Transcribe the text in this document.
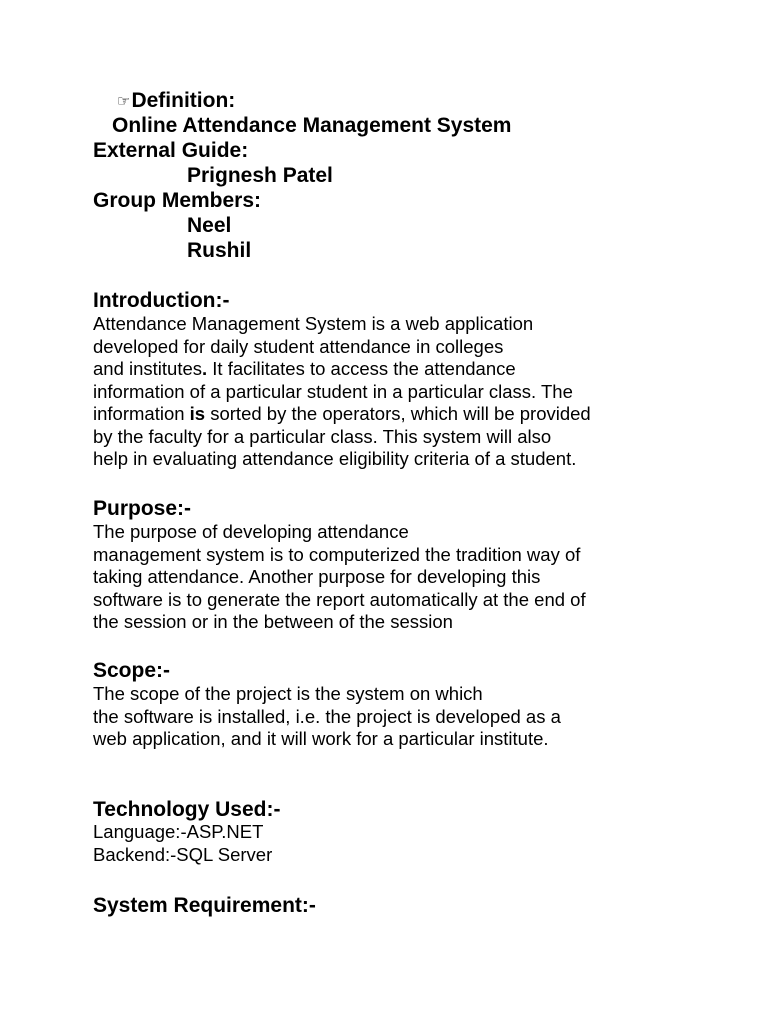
☞Definition:
Online Attendance Management System
External Guide:
Prignesh Patel
Group Members:
Neel
Rushil
Introduction:-
Attendance Management System is a web application
developed for daily student attendance in colleges
and institutes. It facilitates to access the attendance
information of a particular student in a particular class. The
information is sorted by the operators, which will be provided
by the faculty for a particular class. This system will also
help in evaluating attendance eligibility criteria of a student.
Purpose:-
The purpose of developing attendance
management system is to computerized the tradition way of
taking attendance. Another purpose for developing this
software is to generate the report automatically at the end of
the session or in the between of the session
Scope:-
The scope of the project is the system on which
the software is installed, i.e. the project is developed as a
web application, and it will work for a particular institute.
Technology Used:-
Language:-ASP.NET
Backend:-SQL Server
System Requirement:-
